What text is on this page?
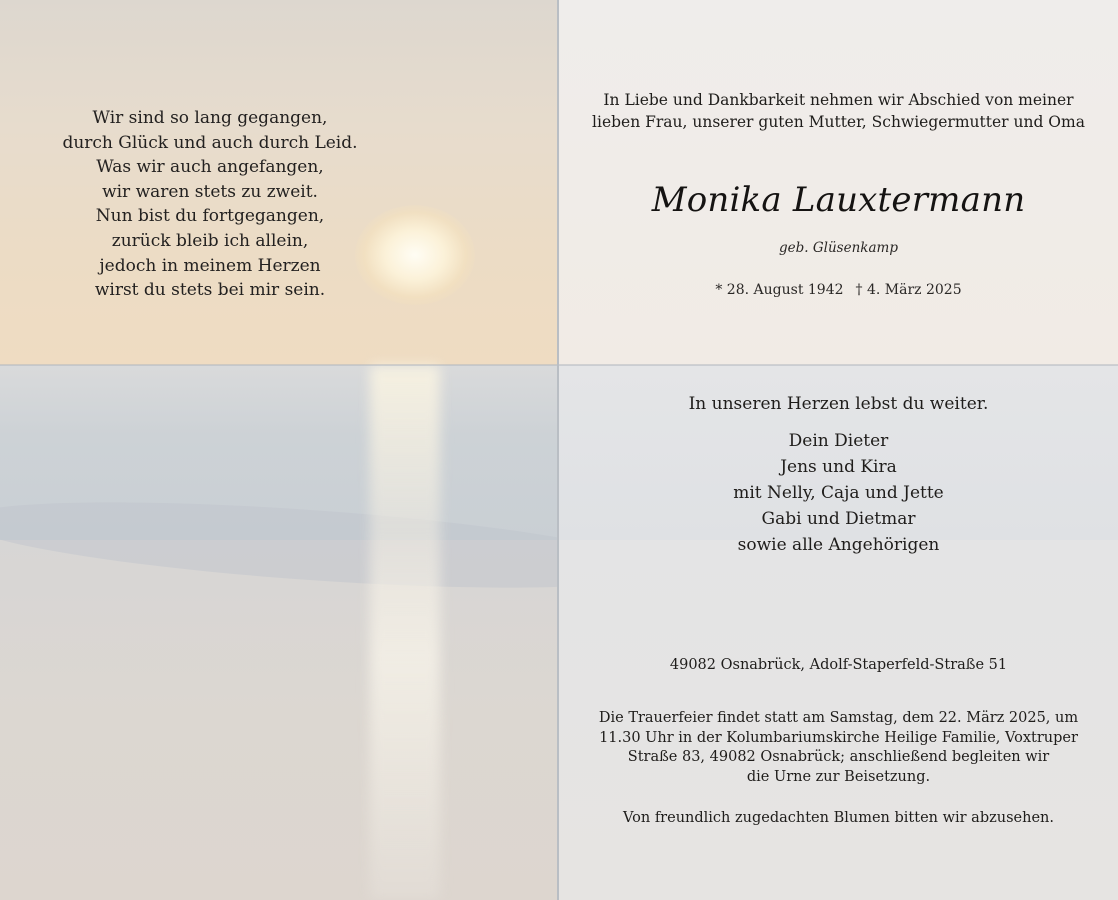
Wir sind so lang gegangen,
durch Glück und auch durch Leid.
Was wir auch angefangen,
wir waren stets zu zweit.
Nun bist du fortgegangen,
zurück bleib ich allein,
jedoch in meinem Herzen
wirst du stets bei mir sein.
In Liebe und Dankbarkeit nehmen wir Abschied von meiner
lieben Frau, unserer guten Mutter, Schwiegermutter und Oma
Monika Lauxtermann
geb. Glüsenkamp
* 28. August 1942 † 4. März 2025
In unseren Herzen lebst du weiter.
Dein Dieter
Jens und Kira
mit Nelly, Caja und Jette
Gabi und Dietmar
sowie alle Angehörigen
49082 Osnabrück, Adolf-Staperfeld-Straße 51
Die Trauerfeier findet statt am Samstag, dem 22. März 2025, um
11.30 Uhr in der Kolumbariumskirche Heilige Familie, Voxtruper
Straße 83, 49082 Osnabrück; anschließend begleiten wir
die Urne zur Beisetzung.
Von freundlich zugedachten Blumen bitten wir abzusehen.
